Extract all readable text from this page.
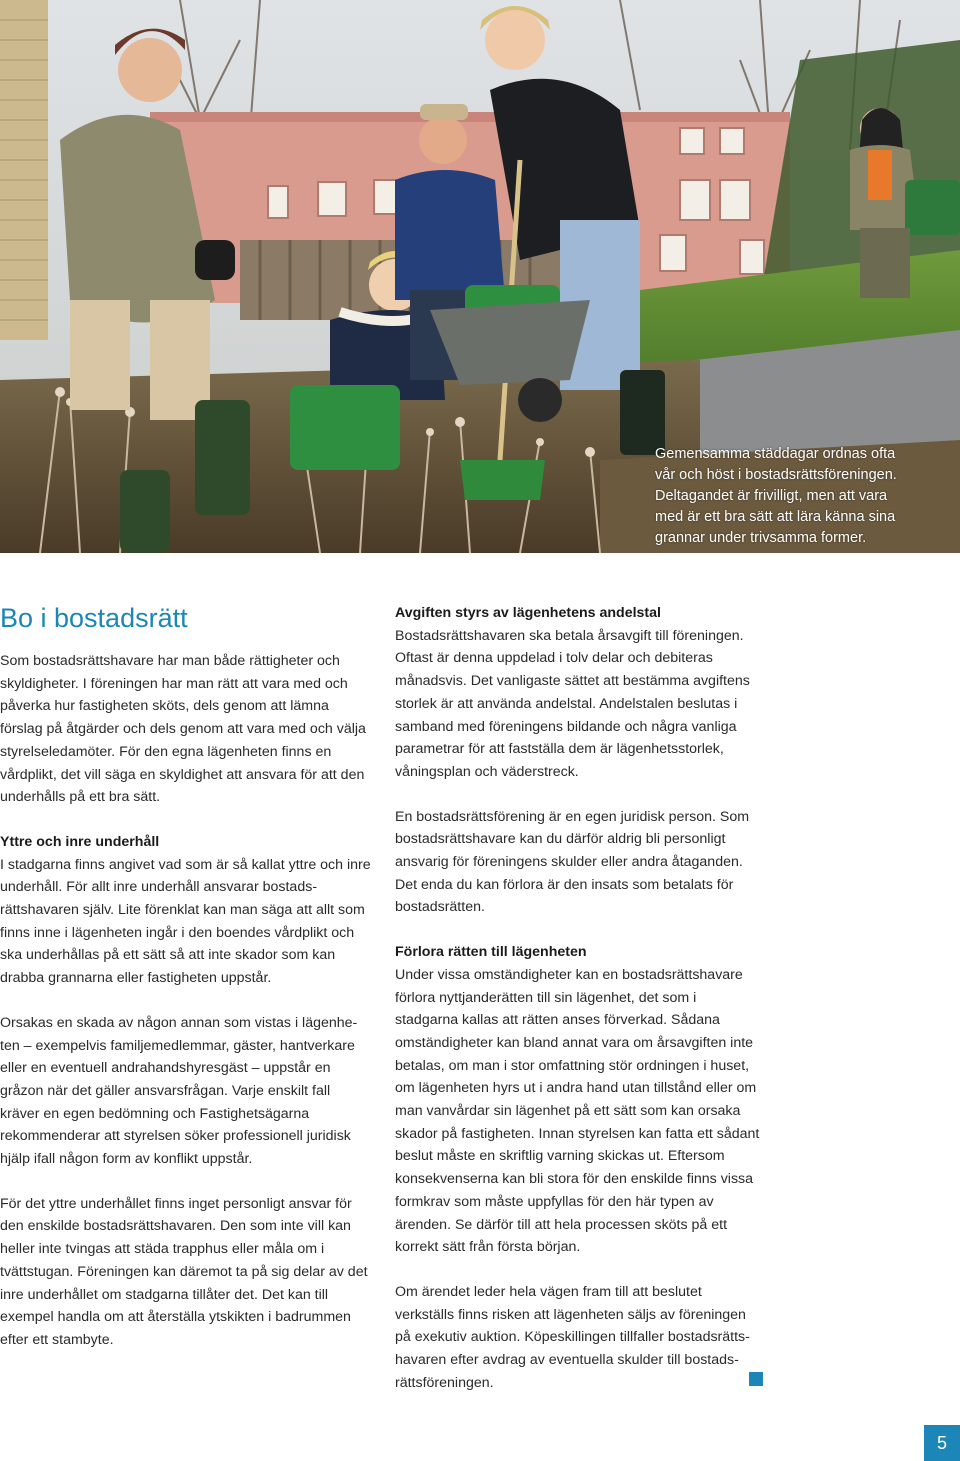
Gemensamma städdagar ordnas ofta
vår och höst i bostadsrättsföreningen.
Deltagandet är frivilligt, men att vara
med är ett bra sätt att lära känna sina
grannar under trivsamma former.

Bo i bostadsrätt

Som bostadsrättshavare har man både rättigheter och skyldigheter. I föreningen har man rätt att vara med och påverka hur fastigheten sköts, dels genom att lämna förslag på åtgärder och dels genom att vara med och välja styrelseledamöter. För den egna lägenheten finns en vårdplikt, det vill säga en skyldighet att ansvara för att den underhålls på ett bra sätt.

Yttre och inre underhåll

I stadgarna finns angivet vad som är så kallat yttre och inre underhåll. För allt inre underhåll ansvarar bostadsrättshavaren själv. Lite förenklat kan man säga att allt som finns inne i lägenheten ingår i den boendes vårdplikt och ska underhållas på ett sätt så att inte skador som kan drabba grannarna eller fastigheten uppstår.

Orsakas en skada av någon annan som vistas i lägenheten – exempelvis familjemedlemmar, gäster, hantverkare eller en eventuell andrahandshyresgäst – uppstår en gråzon när det gäller ansvarsfrågan. Varje enskilt fall kräver en egen bedömning och Fastighetsägarna rekommenderar att styrelsen söker professionell juridisk hjälp ifall någon form av konflikt uppstår.

För det yttre underhållet finns inget personligt ansvar för den enskilde bostadsrättshavaren. Den som inte vill kan heller inte tvingas att städa trapphus eller måla om i tvättstugan. Föreningen kan däremot ta på sig delar av det inre underhållet om stadgarna tillåter det. Det kan till exempel handla om att återställa ytskikten i badrummen efter ett stambyte.

Avgiften styrs av lägenhetens andelstal

Bostadsrättshavaren ska betala årsavgift till föreningen. Oftast är denna uppdelad i tolv delar och debiteras månadsvis. Det vanligaste sättet att bestämma avgiftens storlek är att använda andelstal. Andelstalen beslutas i samband med föreningens bildande och några vanliga parametrar för att fastställa dem är lägenhetsstorlek, våningsplan och väderstreck.

En bostadsrättsförening är en egen juridisk person. Som bostadsrättshavare kan du därför aldrig bli personligt ansvarig för föreningens skulder eller andra åtaganden. Det enda du kan förlora är den insats som betalats för bostadsrätten.

Förlora rätten till lägenheten

Under vissa omständigheter kan en bostadsrättshavare förlora nyttjanderätten till sin lägenhet, det som i stadgarna kallas att rätten anses förverkad. Sådana omständigheter kan bland annat vara om årsavgiften inte betalas, om man i stor omfattning stör ordningen i huset, om lägenheten hyrs ut i andra hand utan tillstånd eller om man vanvårdar sin lägenhet på ett sätt som kan orsaka skador på fastigheten. Innan styrelsen kan fatta ett sådant beslut måste en skriftlig varning skickas ut. Eftersom konsekvenserna kan bli stora för den enskilde finns vissa formkrav som måste uppfyllas för den här typen av ärenden. Se därför till att hela processen sköts på ett korrekt sätt från första början.

Om ärendet leder hela vägen fram till att beslutet verkställs finns risken att lägenheten säljs av föreningen på exekutiv auktion. Köpeskillingen tillfaller bostadsrättshavaren efter avdrag av eventuella skulder till bostadsrättsföreningen.

5
